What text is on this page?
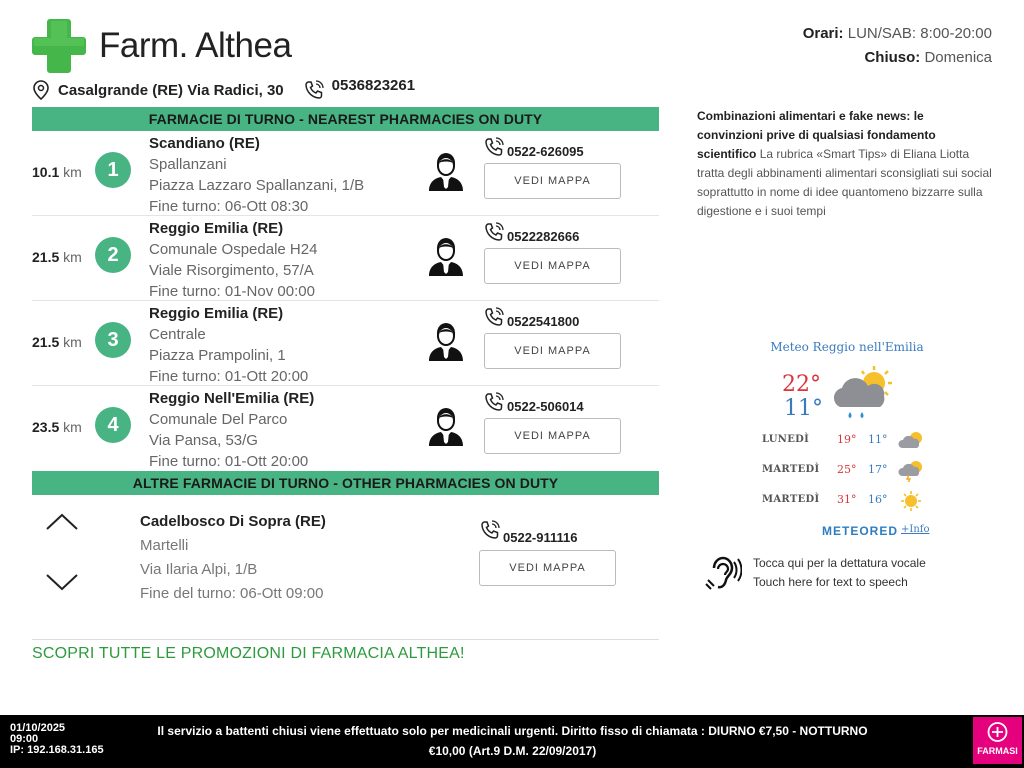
Farm. Althea
Casalgrande (RE) Via Radici, 30	0536823261
Orari: LUN/SAB: 8:00-20:00
Chiuso: Domenica
FARMACIE DI TURNO - NEAREST PHARMACIES ON DUTY
10.1 km	1
Scandiano (RE)
Spallanzani
Piazza Lazzaro Spallanzani, 1/B
Fine turno: 06-Ott 08:30
0522-626095
VEDI MAPPA
21.5 km	2
Reggio Emilia (RE)
Comunale Ospedale H24
Viale Risorgimento, 57/A
Fine turno: 01-Nov 00:00
0522282666
VEDI MAPPA
21.5 km	3
Reggio Emilia (RE)
Centrale
Piazza Prampolini, 1
Fine turno: 01-Ott 20:00
0522541800
VEDI MAPPA
23.5 km	4
Reggio Nell'Emilia (RE)
Comunale Del Parco
Via Pansa, 53/G
Fine turno: 01-Ott 20:00
0522-506014
VEDI MAPPA
ALTRE FARMACIE DI TURNO - OTHER PHARMACIES ON DUTY
Cadelbosco Di Sopra (RE)
Martelli
Via Ilaria Alpi, 1/B
Fine del turno: 06-Ott 09:00
0522-911116
VEDI MAPPA
SCOPRI TUTTE LE PROMOZIONI DI FARMACIA ALTHEA!
Combinazioni alimentari e fake news: le convinzioni prive di qualsiasi fondamento scientifico La rubrica «Smart Tips» di Eliana Liotta tratta degli abbinamenti alimentari sconsigliati sui social soprattutto in nome di idee quantomeno bizzarre sulla digestione e i suoi tempi
Meteo Reggio nell'Emilia
22°
11°
LUNEDÌ	19° 11°
MARTEDÌ 25° 17°
MARTEDÌ 31° 16°
METEORED +Info
Tocca qui per la dettatura vocale
Touch here for text to speech
01/10/2025
09:00
IP: 192.168.31.165
Il servizio a battenti chiusi viene effettuato solo per medicinali urgenti. Diritto fisso di chiamata : DIURNO €7,50 - NOTTURNO €10,00 (Art.9 D.M. 22/09/2017)	FARMASI
